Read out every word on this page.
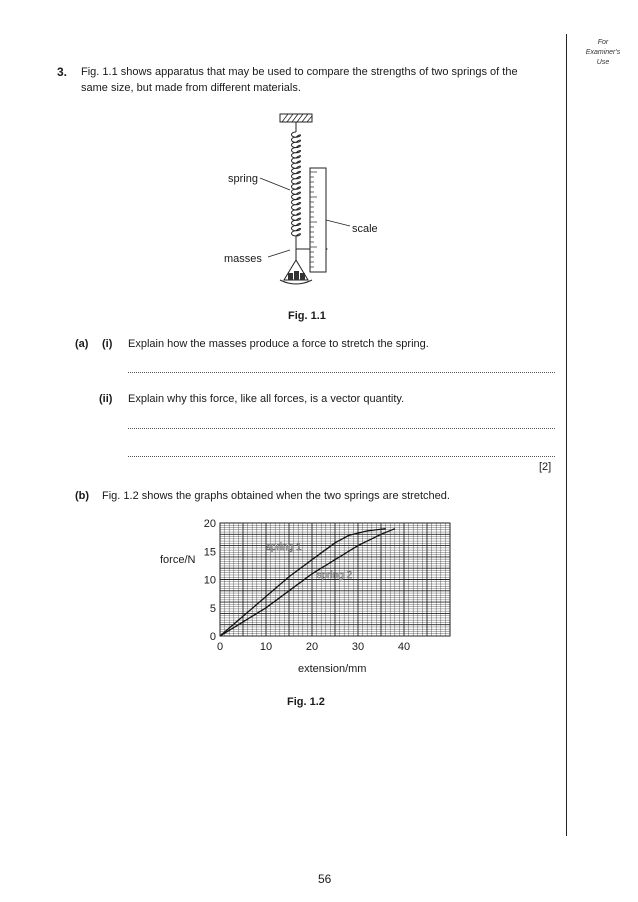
For
Examiner's
Use
3. Fig. 1.1 shows apparatus that may be used to compare the strengths of two springs of the
same size, but made from different materials.
spring
scale
masses
Fig. 1.1
(a) (i) Explain how the masses produce a force to stretch the spring.
(ii) Explain why this force, like all forces, is a vector quantity.
[2]
(b) Fig. 1.2 shows the graphs obtained when the two springs are stretched.
0	10	20	30	40
0
5
10
15
20
spring 1
spring 2
force/N
extension/mm
Fig. 1.2
56
